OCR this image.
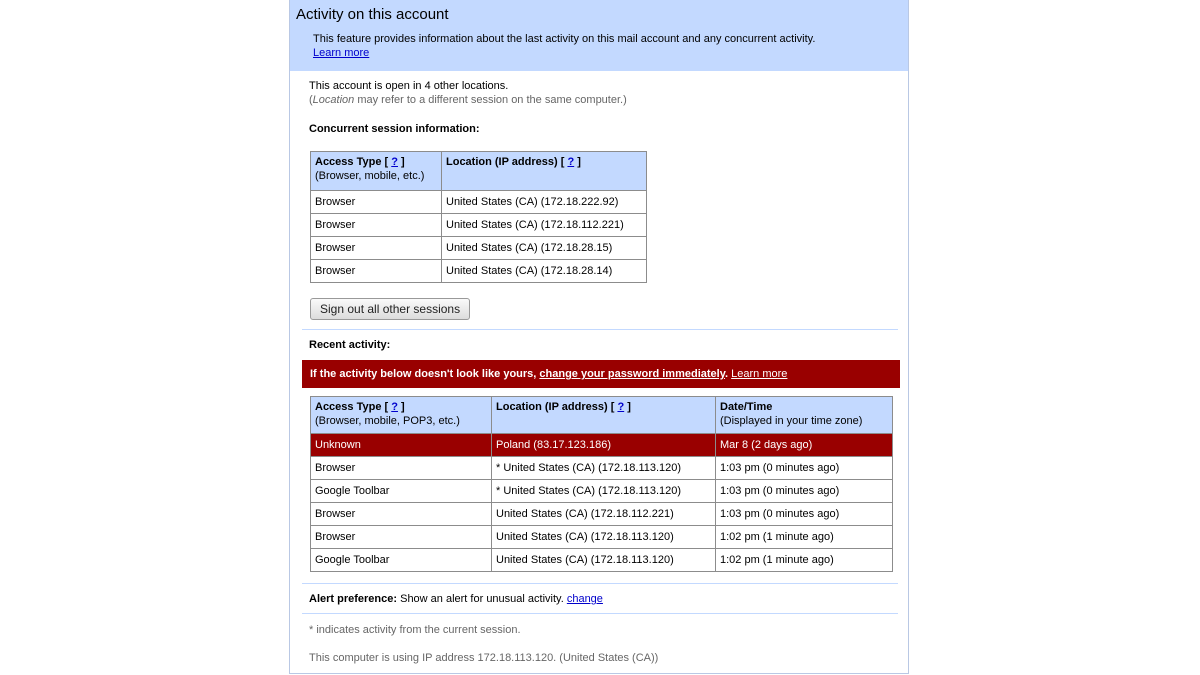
Activity on this account
This feature provides information about the last activity on this mail account and any concurrent activity.
Learn more
This account is open in 4 other locations.
(Location may refer to a different session on the same computer.)
Concurrent session information:
Access Type [ ? ]
(Browser, mobile, etc.)	Location (IP address) [ ? ]
Browser	United States (CA) (172.18.222.92)
Browser	United States (CA) (172.18.112.221)
Browser	United States (CA) (172.18.28.15)
Browser	United States (CA) (172.18.28.14)
Sign out all other sessions
Recent activity:
If the activity below doesn't look like yours, change your password immediately. Learn more
Access Type [ ? ]
(Browser, mobile, POP3, etc.)	Location (IP address) [ ? ]	Date/Time
(Displayed in your time zone)
Unknown	Poland (83.17.123.186)	Mar 8 (2 days ago)
Browser	* United States (CA) (172.18.113.120)	1:03 pm (0 minutes ago)
Google Toolbar	* United States (CA) (172.18.113.120)	1:03 pm (0 minutes ago)
Browser	United States (CA) (172.18.112.221)	1:03 pm (0 minutes ago)
Browser	United States (CA) (172.18.113.120)	1:02 pm (1 minute ago)
Google Toolbar	United States (CA) (172.18.113.120)	1:02 pm (1 minute ago)
Alert preference: Show an alert for unusual activity. change
* indicates activity from the current session.
This computer is using IP address 172.18.113.120. (United States (CA))
